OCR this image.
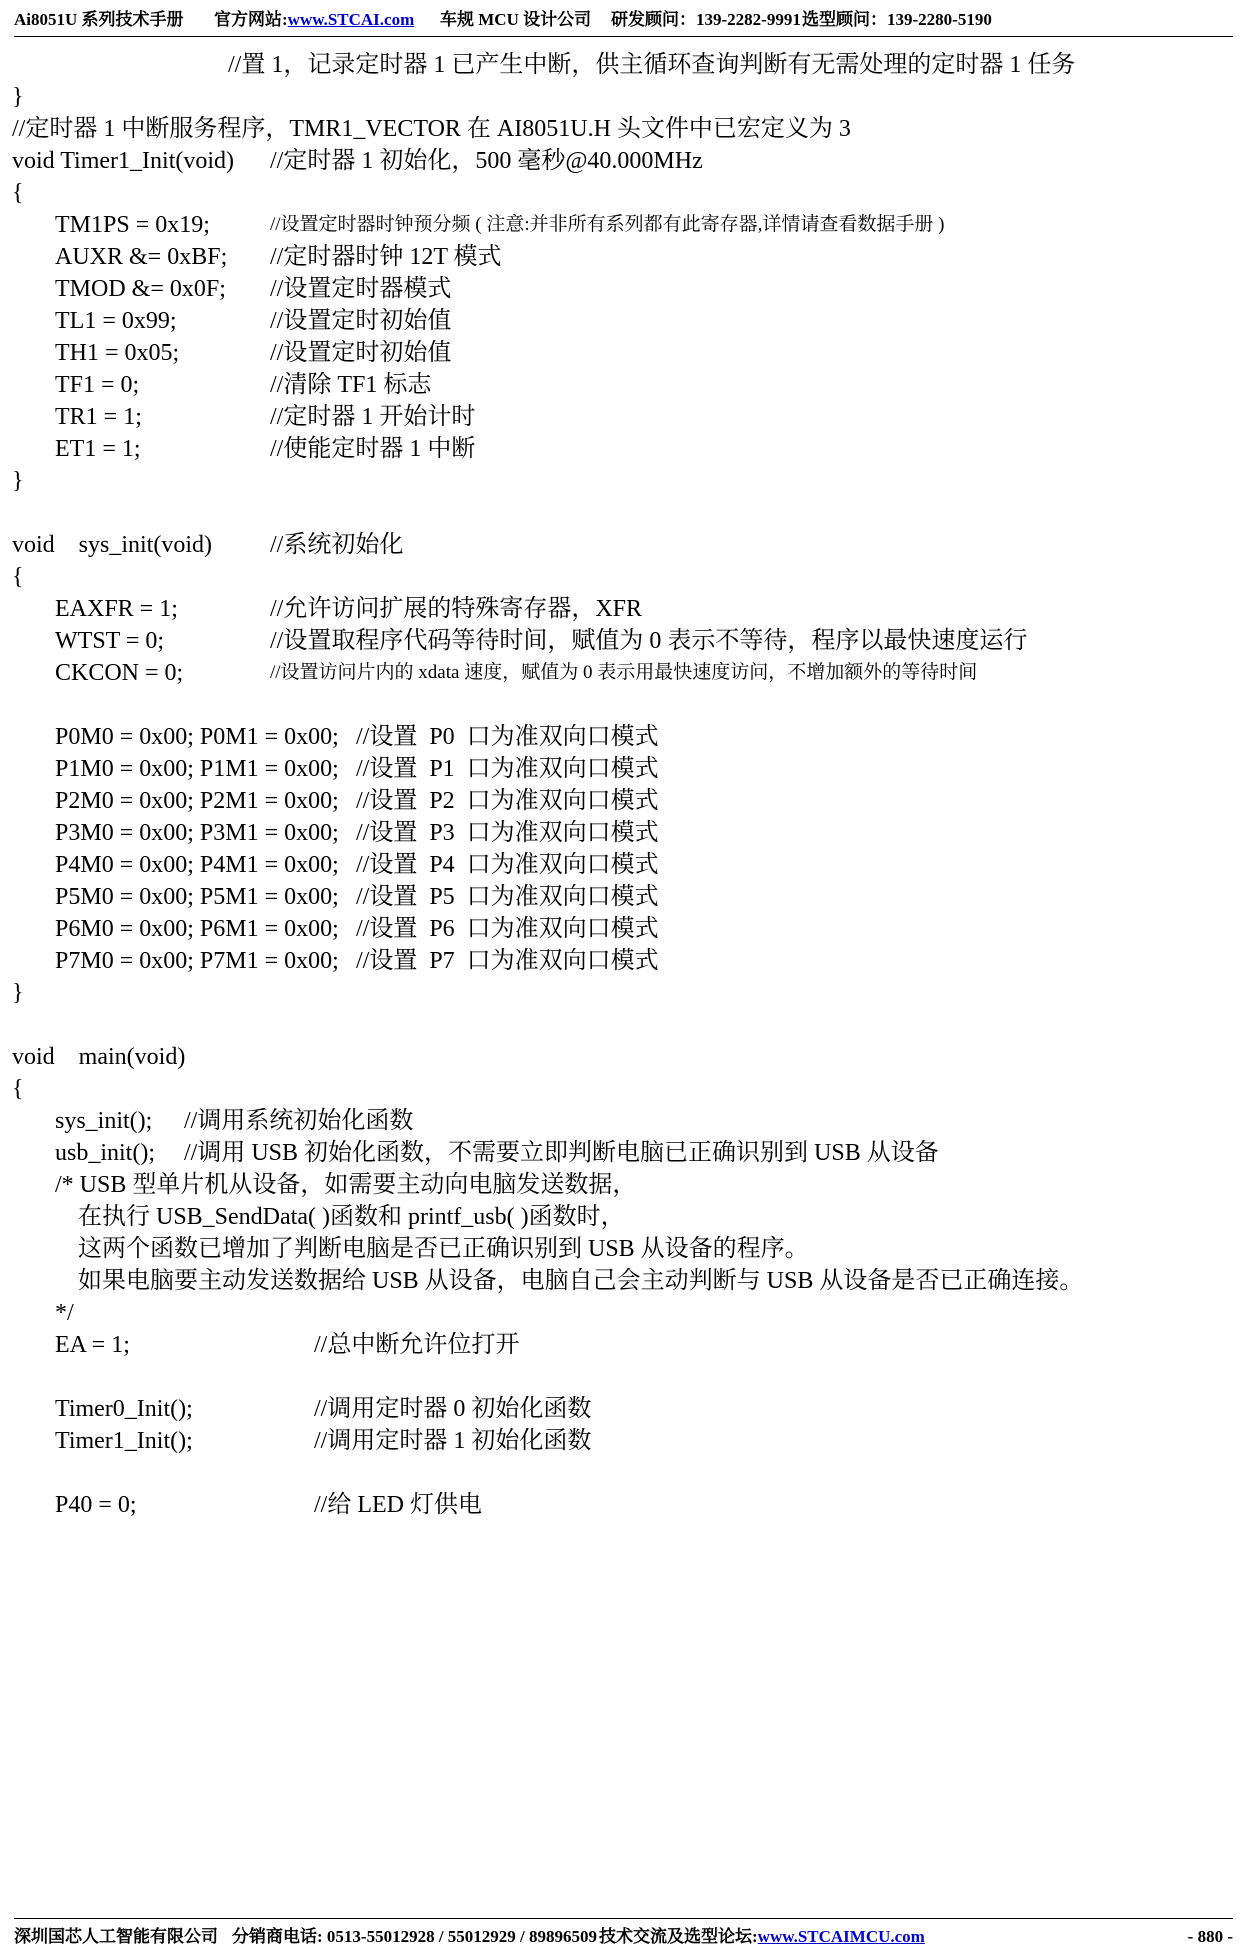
Ai8051U 系列技术手册 官方网站:www.STCAI.com 车规 MCU 设计公司 研发顾问：139-2282-9991 选型顾问：139-2280-5190
//置 1，记录定时器 1 已产生中断，供主循环查询判断有无需处理的定时器 1 任务
}
//定时器 1 中断服务程序，TMR1_VECTOR 在 AI8051U.H 头文件中已宏定义为 3
void Timer1_Init(void) //定时器 1 初始化，500 毫秒@40.000MHz
{
TM1PS = 0x19;	//设置定时器时钟预分频 ( 注意:并非所有系列都有此寄存器,详情请查看数据手册 )
AUXR &= 0xBF; //定时器时钟 12T 模式
TMOD &= 0x0F; //设置定时器模式
TL1 = 0x99;	//设置定时初始值
TH1 = 0x05;	//设置定时初始值
TF1 = 0;	//清除 TF1 标志
TR1 = 1;	//定时器 1 开始计时
ET1 = 1;	//使能定时器 1 中断
}
void    sys_init(void) //系统初始化
{
EAXFR = 1;	//允许访问扩展的特殊寄存器，XFR
WTST = 0;	//设置取程序代码等待时间，赋值为 0 表示不等待，程序以最快速度运行
CKCON = 0;	//设置访问片内的 xdata 速度，赋值为 0 表示用最快速度访问，不增加额外的等待时间
P0M0 = 0x00; P0M1 = 0x00; //设置  P0  口为准双向口模式
P1M0 = 0x00; P1M1 = 0x00; //设置  P1  口为准双向口模式
P2M0 = 0x00; P2M1 = 0x00; //设置  P2  口为准双向口模式
P3M0 = 0x00; P3M1 = 0x00; //设置  P3  口为准双向口模式
P4M0 = 0x00; P4M1 = 0x00; //设置  P4  口为准双向口模式
P5M0 = 0x00; P5M1 = 0x00; //设置  P5  口为准双向口模式
P6M0 = 0x00; P6M1 = 0x00; //设置  P6  口为准双向口模式
P7M0 = 0x00; P7M1 = 0x00; //设置  P7  口为准双向口模式
}
void    main(void)
{
sys_init(); //调用系统初始化函数
usb_init(); //调用 USB 初始化函数，不需要立即判断电脑已正确识别到 USB 从设备
/* USB 型单片机从设备，如需要主动向电脑发送数据，
在执行 USB_SendData( )函数和 printf_usb( )函数时，
这两个函数已增加了判断电脑是否已正确识别到 USB 从设备的程序。
如果电脑要主动发送数据给 USB 从设备，电脑自己会主动判断与 USB 从设备是否已正确连接。
*/
EA = 1;	//总中断允许位打开
Timer0_Init();	//调用定时器 0 初始化函数
Timer1_Init();	//调用定时器 1 初始化函数
P40 = 0;	//给 LED 灯供电
深圳国芯人工智能有限公司 分销商电话: 0513-55012928 / 55012929 / 89896509 技术交流及选型论坛:www.STCAIMCU.com	- 880 -
